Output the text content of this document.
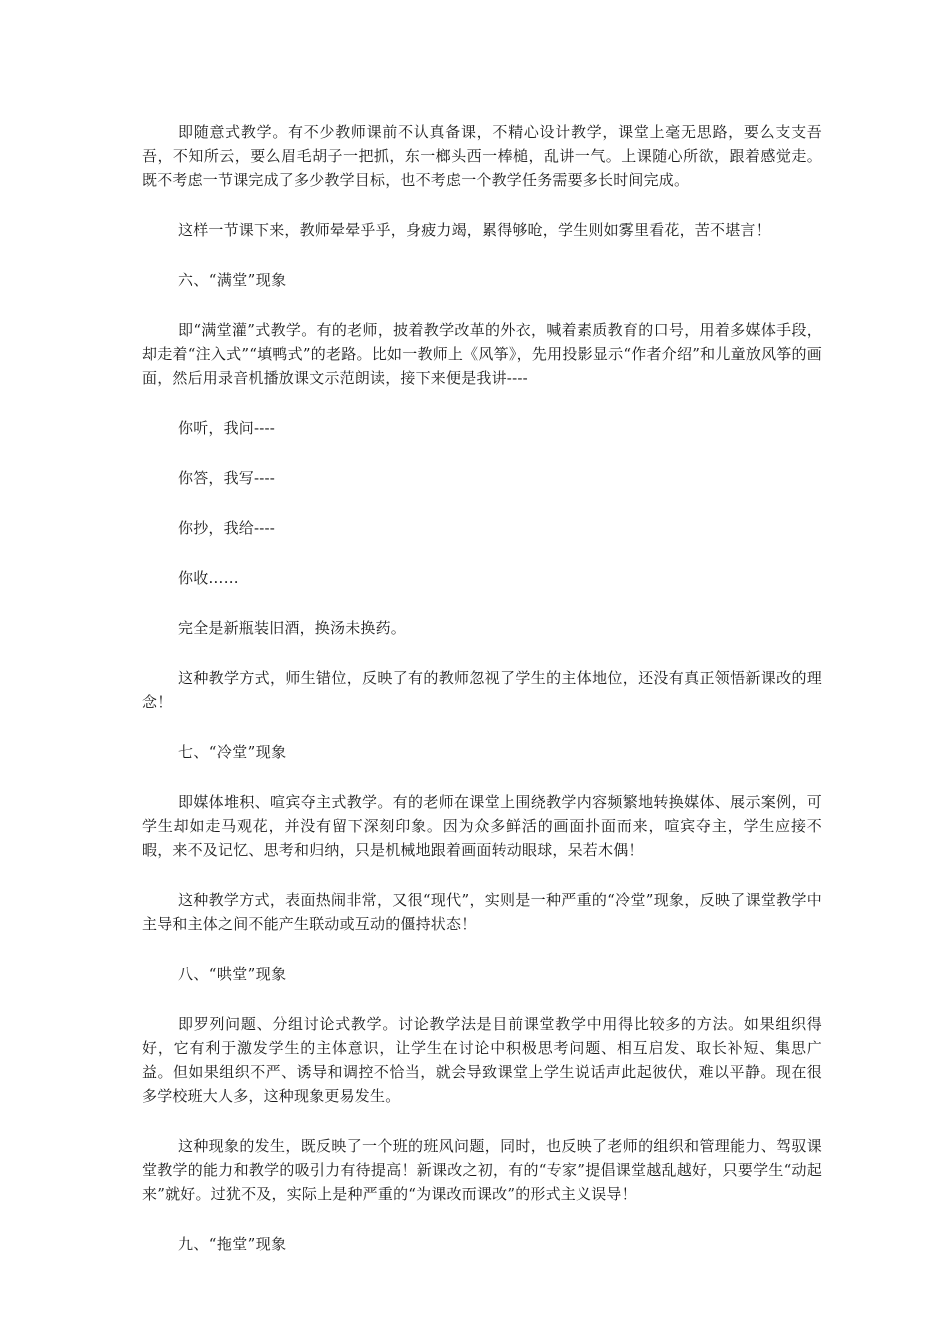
即随意式教学。有不少教师课前不认真备课，不精心设计教学，课堂上毫无思路，要么支支吾吾，不知所云，要么眉毛胡子一把抓，东一榔头西一棒槌，乱讲一气。上课随心所欲，跟着感觉走。既不考虑一节课完成了多少教学目标，也不考虑一个教学任务需要多长时间完成。

这样一节课下来，教师晕晕乎乎，身疲力竭，累得够呛，学生则如雾里看花，苦不堪言！

六、“满堂”现象

即“满堂灌”式教学。有的老师，披着教学改革的外衣，喊着素质教育的口号，用着多媒体手段，却走着“注入式”“填鸭式”的老路。比如一教师上《风筝》，先用投影显示“作者介绍”和儿童放风筝的画面，然后用录音机播放课文示范朗读，接下来便是我讲----

你听，我问----

你答，我写----

你抄，我给----

你收……

完全是新瓶装旧酒，换汤未换药。

这种教学方式，师生错位，反映了有的教师忽视了学生的主体地位，还没有真正领悟新课改的理念！

七、“冷堂”现象

即媒体堆积、喧宾夺主式教学。有的老师在课堂上围绕教学内容频繁地转换媒体、展示案例，可学生却如走马观花，并没有留下深刻印象。因为众多鲜活的画面扑面而来，喧宾夺主，学生应接不暇，来不及记忆、思考和归纳，只是机械地跟着画面转动眼球，呆若木偶！

这种教学方式，表面热闹非常，又很“现代”，实则是一种严重的“冷堂”现象，反映了课堂教学中主导和主体之间不能产生联动或互动的僵持状态！

八、“哄堂”现象

即罗列问题、分组讨论式教学。讨论教学法是目前课堂教学中用得比较多的方法。如果组织得好，它有利于激发学生的主体意识，让学生在讨论中积极思考问题、相互启发、取长补短、集思广益。但如果组织不严、诱导和调控不恰当，就会导致课堂上学生说话声此起彼伏，难以平静。现在很多学校班大人多，这种现象更易发生。

这种现象的发生，既反映了一个班的班风问题，同时，也反映了老师的组织和管理能力、驾驭课堂教学的能力和教学的吸引力有待提高！新课改之初，有的“专家”提倡课堂越乱越好，只要学生“动起来”就好。过犹不及，实际上是种严重的“为课改而课改”的形式主义误导！

九、“拖堂”现象
